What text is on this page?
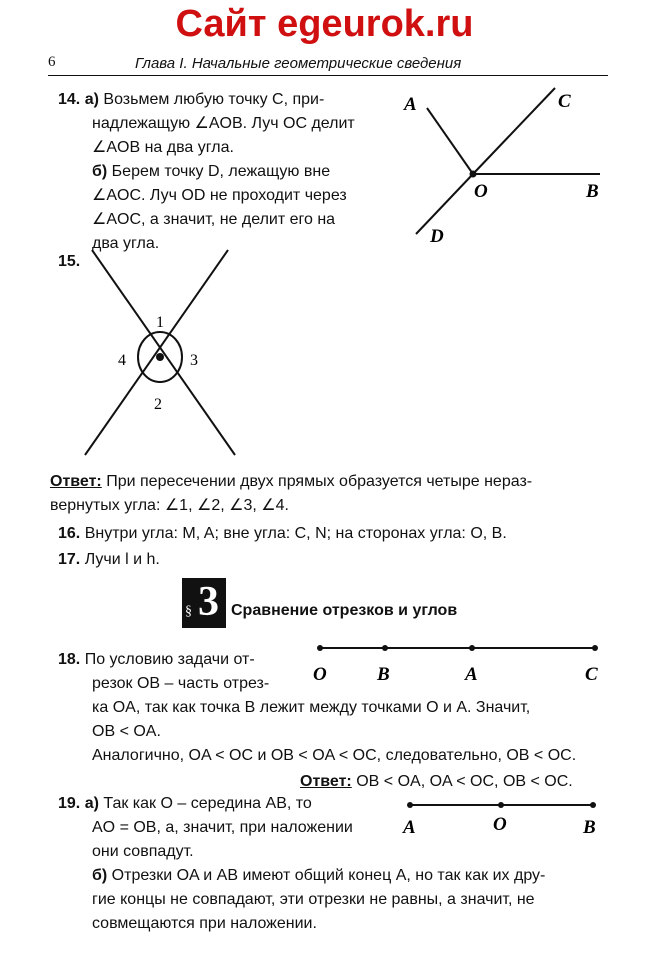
Сайт egeurok.ru
6	Глава I. Начальные геометрические сведения
14. а) Возьмем любую точку C, при-
надлежащую ∠AOB. Луч OC делит
∠AOB на два угла.
б) Берем точку D, лежащую вне
∠AOC. Луч OD не проходит через
∠AOC, а значит, не делит его на
два угла.
A	C
O	B
D
15.
1
2
3
4
Ответ: При пересечении двух прямых образуется четыре нераз-
вернутых угла: ∠1, ∠2, ∠3, ∠4.
16. Внутри угла: M, A; вне угла: C, N; на сторонах угла: O, B.
17. Лучи l и h.
§ 3 Сравнение отрезков и углов
18. По условию задачи от-
резок OB – часть отрез-
ка OA, так как точка B лежит между точками O и A. Значит,
OB < OA.
Аналогично, OA < OC и OB < OA < OC, следовательно, OB < OC.
Ответ: OB < OA, OA < OC, OB < OC.
O	B	A	C
19. а) Так как O – середина AB, то
AO = OB, а, значит, при наложении
они совпадут.
б) Отрезки OA и AB имеют общий конец A, но так как их дру-
гие концы не совпадают, эти отрезки не равны, а значит, не
совмещаются при наложении.
A	O	B
